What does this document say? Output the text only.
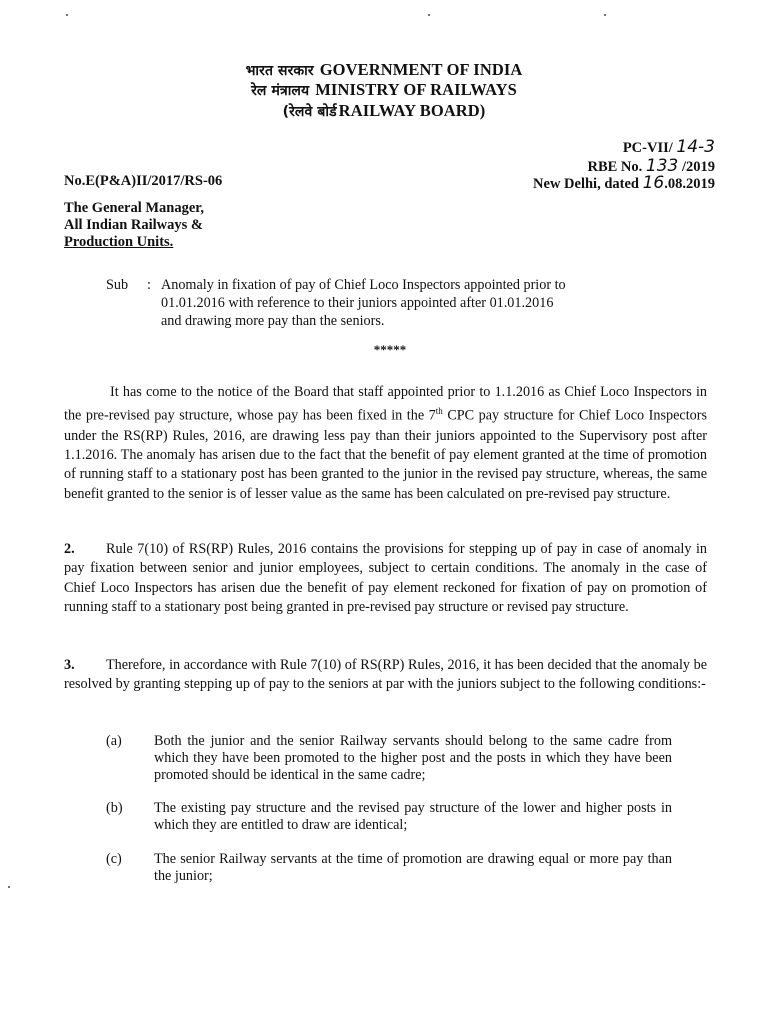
भारत सरकार GOVERNMENT OF INDIA
रेल मंत्रालय MINISTRY OF RAILWAYS
(रेलवे बोर्ड RAILWAY BOARD)
PC-VII/ 14-3
RBE No. 133 /2019
No.E(P&A)II/2017/RS-06	New Delhi, dated 16.08.2019
The General Manager,
All Indian Railways &
Production Units.
Sub : Anomaly in fixation of pay of Chief Loco Inspectors appointed prior to
01.01.2016 with reference to their juniors appointed after 01.01.2016
and drawing more pay than the seniors.
*****
It has come to the notice of the Board that staff appointed prior to 1.1.2016 as Chief Loco Inspectors in the pre-revised pay structure, whose pay has been fixed in the 7th CPC pay structure for Chief Loco Inspectors under the RS(RP) Rules, 2016, are drawing less pay than their juniors appointed to the Supervisory post after 1.1.2016. The anomaly has arisen due to the fact that the benefit of pay element granted at the time of promotion of running staff to a stationary post has been granted to the junior in the revised pay structure, whereas, the same benefit granted to the senior is of lesser value as the same has been calculated on pre-revised pay structure.
2. Rule 7(10) of RS(RP) Rules, 2016 contains the provisions for stepping up of pay in case of anomaly in pay fixation between senior and junior employees, subject to certain conditions. The anomaly in the case of Chief Loco Inspectors has arisen due the benefit of pay element reckoned for fixation of pay on promotion of running staff to a stationary post being granted in pre-revised pay structure or revised pay structure.
3. Therefore, in accordance with Rule 7(10) of RS(RP) Rules, 2016, it has been decided that the anomaly be resolved by granting stepping up of pay to the seniors at par with the juniors subject to the following conditions:-
(a) Both the junior and the senior Railway servants should belong to the same cadre from which they have been promoted to the higher post and the posts in which they have been promoted should be identical in the same cadre;
(b) The existing pay structure and the revised pay structure of the lower and higher posts in which they are entitled to draw are identical;
(c) The senior Railway servants at the time of promotion are drawing equal or more pay than the junior;
